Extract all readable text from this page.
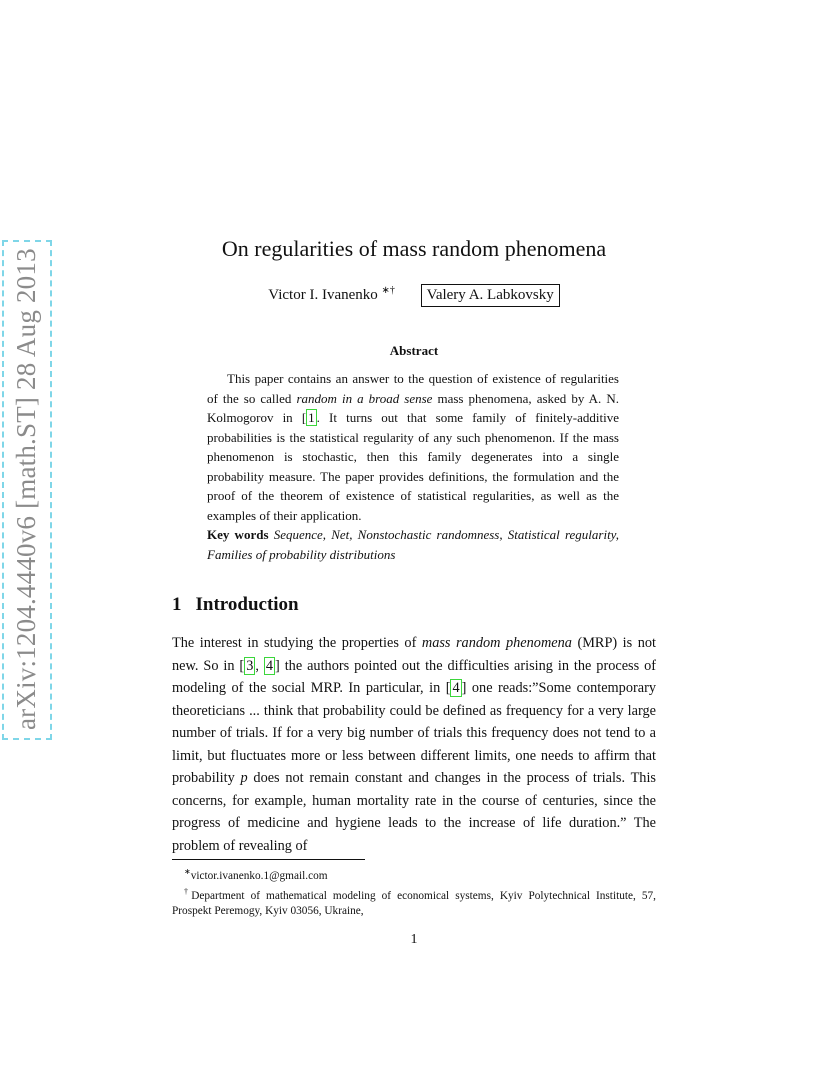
arXiv:1204.4440v6 [math.ST] 28 Aug 2013	On regularities of mass random phenomena
Victor I. Ivanenko ∗† Valery A. Labkovsky
Abstract

This paper contains an answer to the question of existence of regularities of the so called random in a broad sense mass phenomena, asked by A. N. Kolmogorov in [ 1 . It turns out that some family of finitely-additive probabilities is the statistical regularity of any such phenomenon. If the mass phenomenon is stochastic, then this family degenerates into a single probability measure. The paper provides definitions, the formulation and the proof of the theorem of existence of statistical regularities, as well as the examples of their application.

Key words Sequence, Net, Nonstochastic randomness, Statistical regularity, Families of probability distributions

1 Introduction

The interest in studying the properties of mass random phenomena (MRP) is not new. So in [ 3 , 4 ] the authors pointed out the difficulties arising in the process of modeling of the social MRP. In particular, in [ 4 ] one reads:”Some contemporary theoreticians ... think that probability could be defined as frequency for a very large number of trials. If for a very big number of trials this frequency does not tend to a limit, but fluctuates more or less between different limits, one needs to affirm that probability p does not remain constant and changes in the process of trials. This concerns, for example, human mortality rate in the course of centuries, since the progress of medicine and hygiene leads to the increase of life duration.” The problem of revealing of

∗victor.ivanenko.1@gmail.com
†Department of mathematical modeling of economical systems, Kyiv Polytechnical Institute, 57, Prospekt Peremogy, Kyiv 03056, Ukraine,
1
